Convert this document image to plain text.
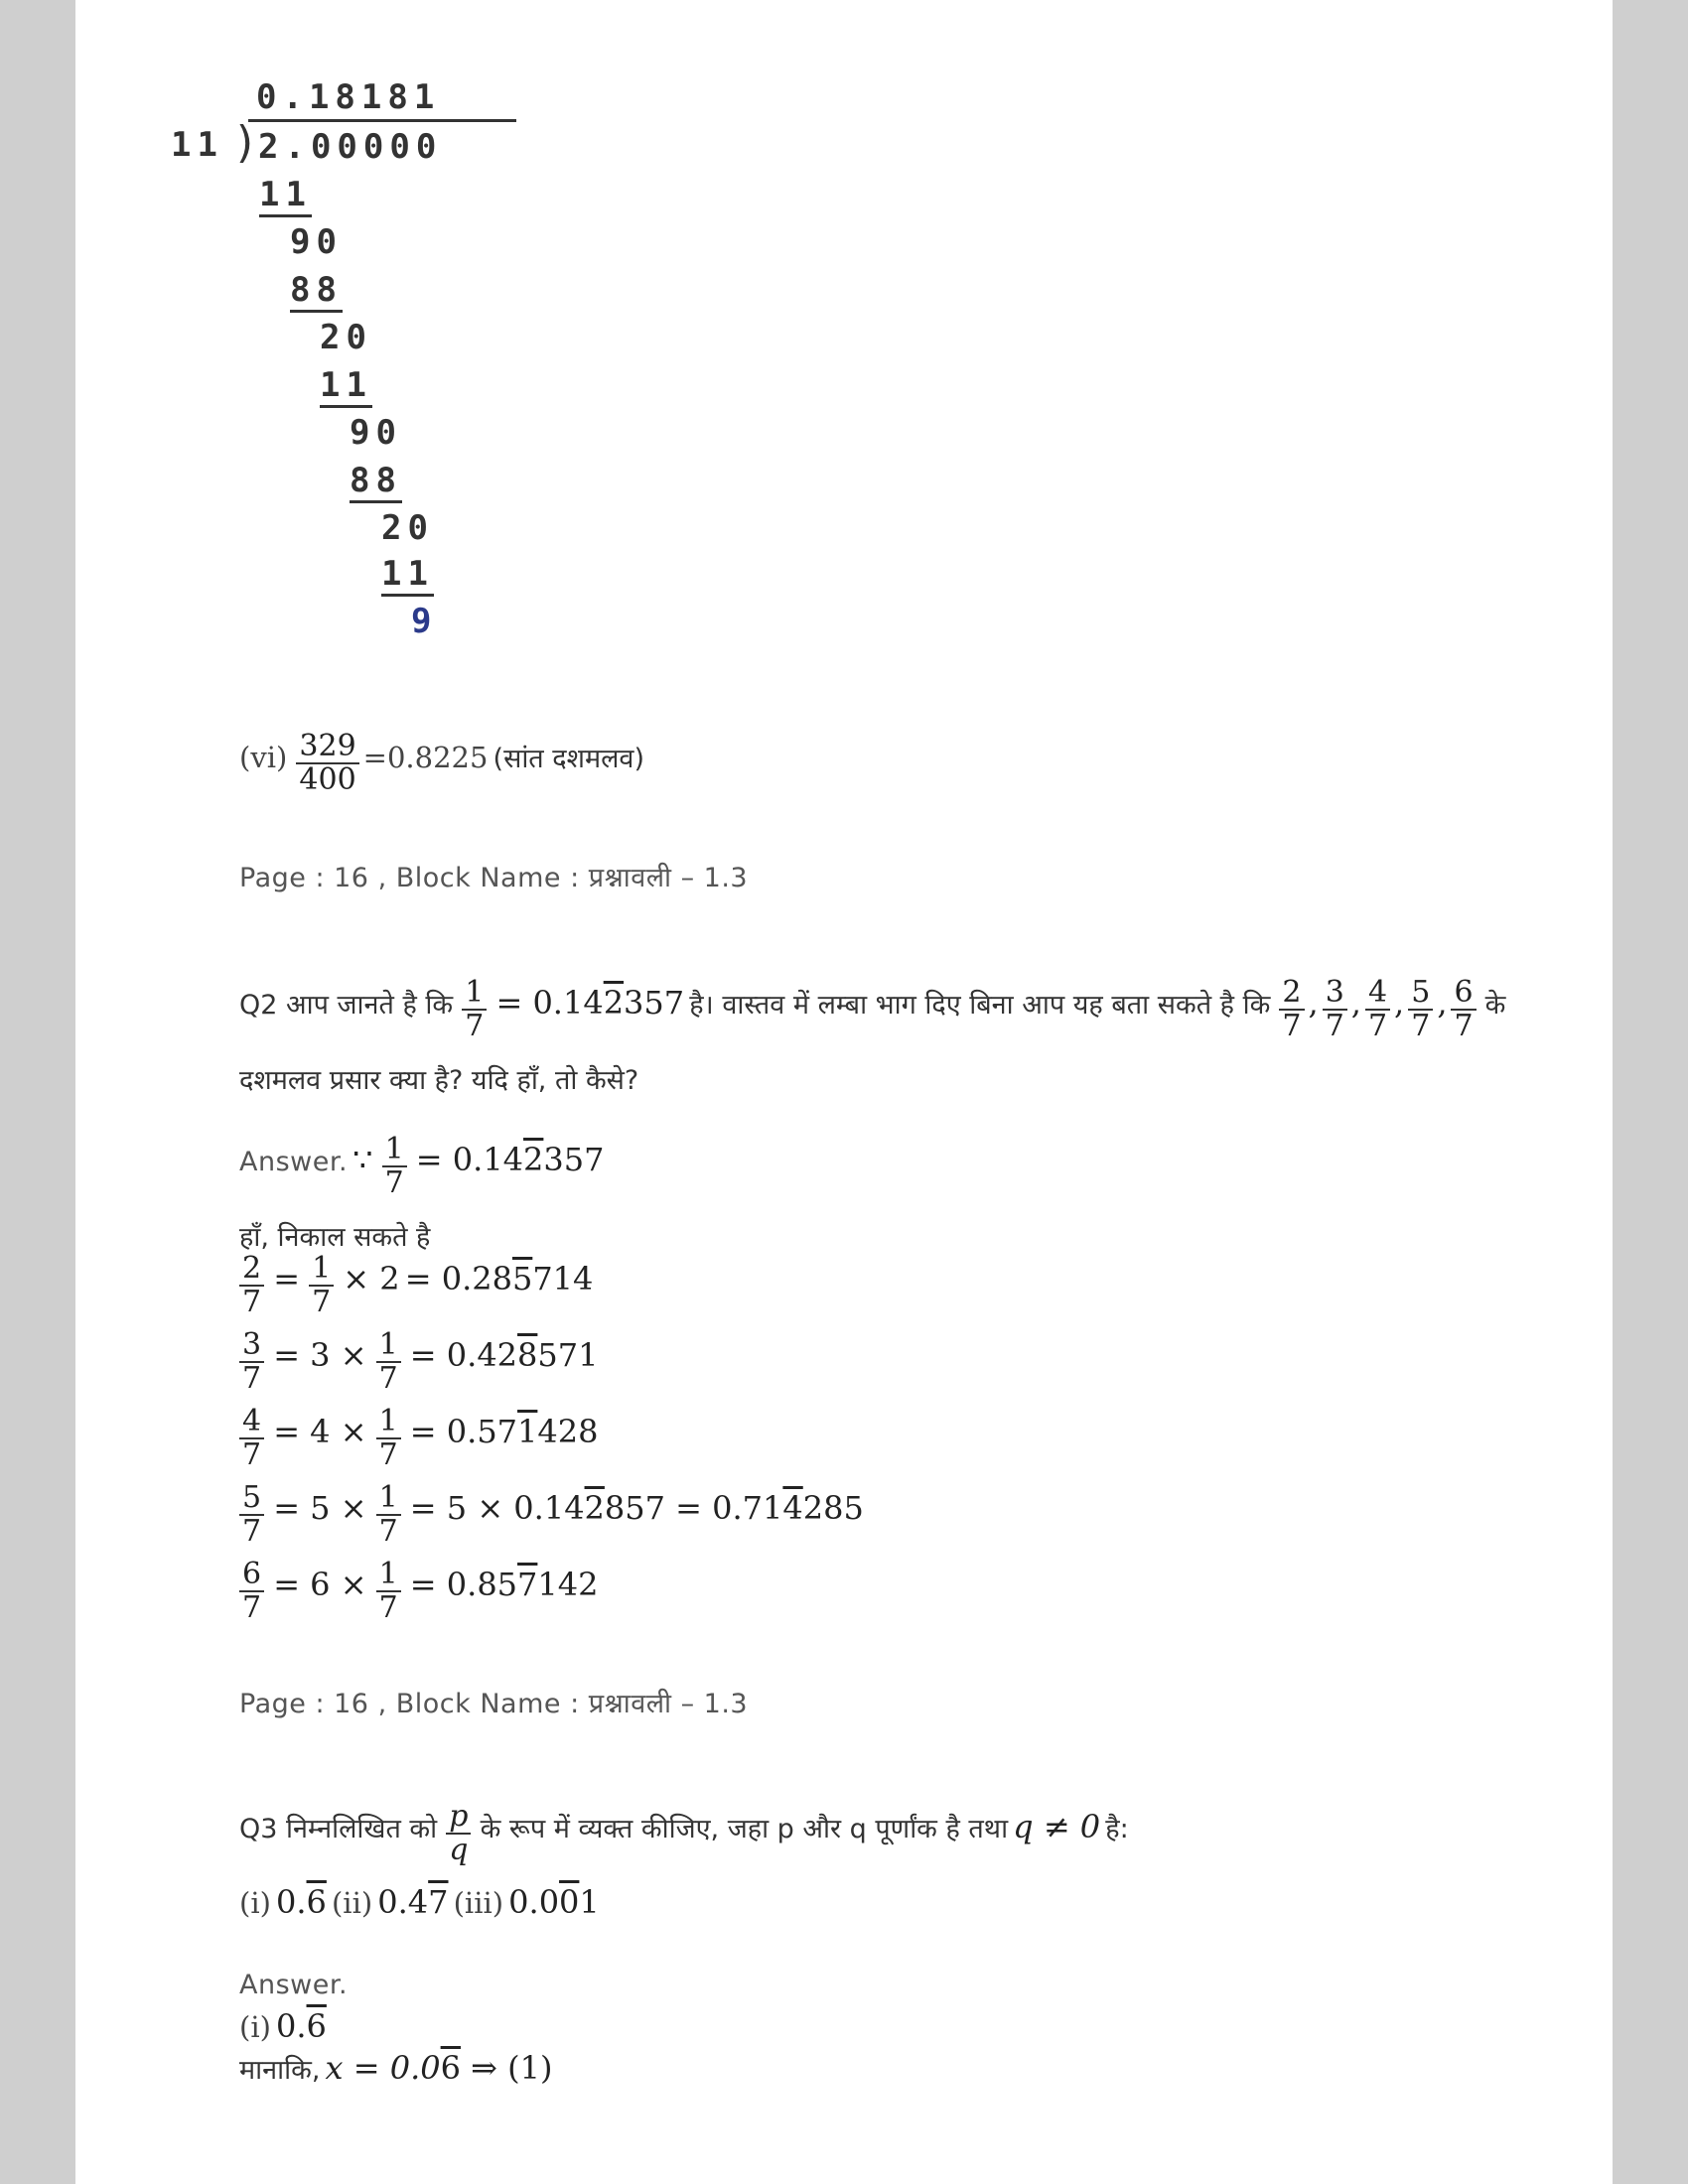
0.18181
11 )
2.00000
11
90
88
20
11
90
88
20
11
9
$(vi) \frac{329}{400} =0.8225$ (सांत दशमलव)
Page : 16 , Block Name : प्रश्नावली – 1.3
Q2 आप जानते है कि $\frac{1}{7} = 0.142357$ है। वास्तव में लम्बा भाग दिए बिना आप यह बता सकते है कि $\frac{2}{7}$ , $\frac{3}{7}$ , $\frac{4}{7}$ , $\frac{5}{7}$ , $\frac{6}{7}$ के
दशमलव प्रसार क्या है? यदि हाँ, तो कैसे?
Answer. ∵ $\frac{1}{7} = 0.142357$
हाँ, निकाल सकते है
$\frac{2}{7} = \frac{1}{7} \times 2 = 0.285714$
$\frac{3}{7} = 3 \times \frac{1}{7} = 0.428571$
$\frac{4}{7} = 4 \times \frac{1}{7} = 0.571428$
$\frac{5}{7} = 5 \times \frac{1}{7} = 5 \times 0.142857 = 0.714285$
$\frac{6}{7} = 6 \times \frac{1}{7} = 0.857142$
Page : 16 , Block Name : प्रश्नावली – 1.3
Q3 निम्नलिखित को $\frac{p}{q}$ के रूप में व्यक्त कीजिए, जहा p और q पूर्णांक है तथा q ≠ 0 है:
(i) 0.6 (ii) 0.47 (iii) 0.001
Answer.
(i) 0.6
मानाकि, x = 0.06 ⇒ (1)
